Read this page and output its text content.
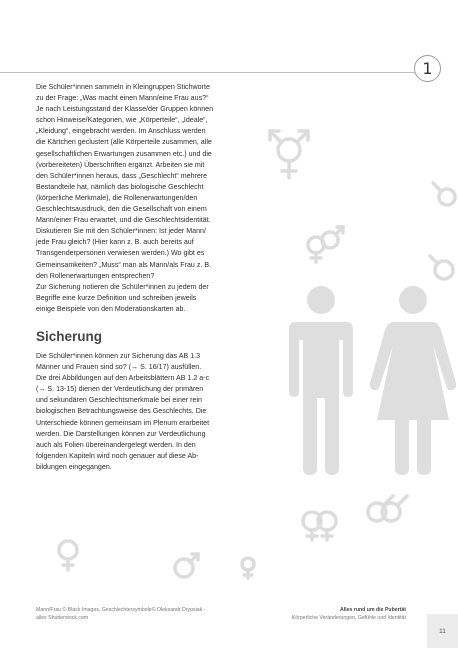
1
Die Schüler*innen sammeln in Kleingruppen Stichworte
zu der Frage: „Was macht einen Mann/eine Frau aus?“
Je nach Leistungsstand der Klasse/der Gruppen können
schon Hinweise/Kategorien, wie „Körperteile“, „Ideale“,
„Kleidung“, eingebracht werden. Im Anschluss werden
die Kärtchen geclustert (alle Körperteile zusammen, alle
gesellschaftlichen Erwartungen zusammen etc.) und die
(vorbereiteten) Überschriften ergänzt. Arbeiten sie mit
den Schüler*innen heraus, dass „Geschlecht“ mehrere
Bestandteile hat, nämlich das biologische Geschlecht
(körperliche Merkmale), die Rollenerwartungen/den
Geschlechtsausdruck, den die Gesellschaft von einem
Mann/einer Frau erwartet, und die Geschlechtsidentität.
Diskutieren Sie mit den Schüler*innen: Ist jeder Mann/
jede Frau gleich? (Hier kann z. B. auch bereits auf
Transgenderpersonen verwiesen werden.) Wo gibt es
Gemeinsamkeiten? „Muss“ man als Mann/als Frau z. B.
den Rollenerwartungen entsprechen?
Zur Sicherung notieren die Schüler*innen zu jedem der
Begriffe eine kurze Definition und schreiben jeweils
einige Beispiele von den Moderationskarten ab.
Sicherung
Die Schüler*innen können zur Sicherung das AB 1.3
Männer und Frauen sind so? (→ S. 16/17) ausfüllen.
Die drei Abbildungen auf den Arbeitsblättern AB 1.2 a-c
(→ S. 13-15) dienen der Verdeutlichung der primären
und sekundären Geschlechtsmerkmale bei einer rein
biologischen Betrachtungsweise des Geschlechts. Die
Unterschiede können gemeinsam im Plenum erarbeitet
werden. Die Darstellungen können zur Verdeutlichung
auch als Folien übereinandergelegt werden. In den
folgenden Kapiteln wird noch genauer auf diese Ab-
bildungen eingegangen.
Mann/Frau © Black Images, Geschlechtersymbole© Oleksandr Drypsiak -
alles Shutterstock.com
Alles rund um die Pubertät
Körperliche Veränderungen, Gefühle und Identität
11
